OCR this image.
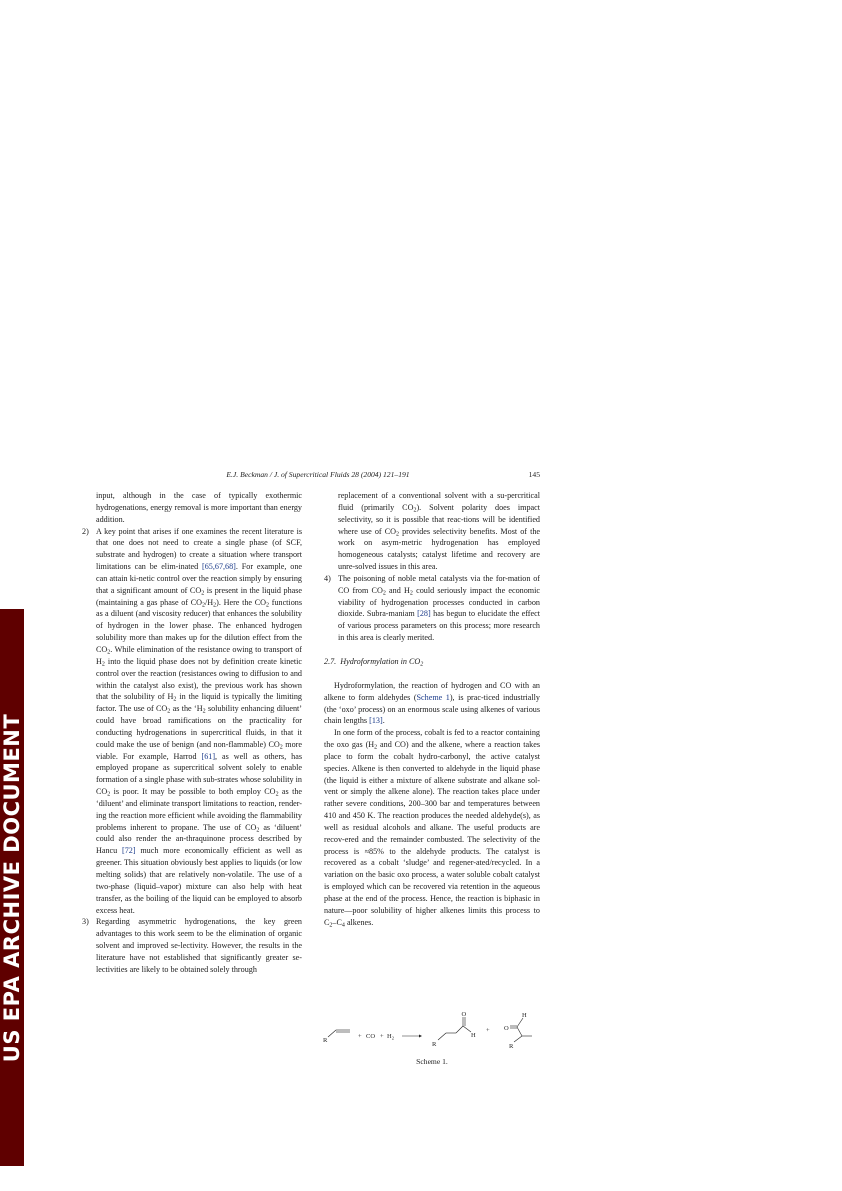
US EPA ARCHIVE DOCUMENT
E.J. Beckman / J. of Supercritical Fluids 28 (2004) 121–191	145

input, although in the case of typically exothermic hydrogenations, energy removal is more important than energy addition.

2) A key point that arises if one examines the recent literature is that one does not need to create a single phase (of SCF, substrate and hydrogen) to create a situation where transport limitations can be elim-inated [65,67,68]. For example, one can attain ki-netic control over the reaction simply by ensuring that a significant amount of $CO_2$ is present in the liquid phase (maintaining a gas phase of $CO_2/H_2$). Here the $CO_2$ functions as a diluent (and viscosity reducer) that enhances the solubility of hydrogen in the lower phase. The enhanced hydrogen solubility more than makes up for the dilution effect from the $CO_2$. While elimination of the resistance owing to transport of $H_2$ into the liquid phase does not by definition create kinetic control over the reaction (resistances owing to diffusion to and within the catalyst also exist), the previous work has shown that the solubility of $H_2$ in the liquid is typically the limiting factor. The use of $CO_2$ as the ‘$H_2$ solubility enhancing diluent’ could have broad ramifications on the practicality for conducting hydrogenations in supercritical fluids, in that it could make the use of benign (and non-flammable) $CO_2$ more viable. For example, Harrod [61], as well as others, has employed propane as supercritical solvent solely to enable formation of a single phase with sub-strates whose solubility in $CO_2$ is poor. It may be possible to both employ $CO_2$ as the ‘diluent’ and eliminate transport limitations to reaction, render-ing the reaction more efficient while avoiding the flammability problems inherent to propane. The use of $CO_2$ as ‘diluent’ could also render the an-thraquinone process described by Hancu [72] much more economically efficient as well as greener. This situation obviously best applies to liquids (or low melting solids) that are relatively non-volatile. The use of a two-phase (liquid–vapor) mixture can also help with heat transfer, as the boiling of the liquid can be employed to absorb excess heat.

3) Regarding asymmetric hydrogenations, the key green advantages to this work seem to be the elimination of organic solvent and improved se-lectivity. However, the results in the literature have not established that significantly greater se-lectivities are likely to be obtained solely through

replacement of a conventional solvent with a su-percritical fluid (primarily $CO_2$). Solvent polarity does impact selectivity, so it is possible that reac-tions will be identified where use of $CO_2$ provides selectivity benefits. Most of the work on asym-metric hydrogenation has employed homogeneous catalysts; catalyst lifetime and recovery are unre-solved issues in this area.

4) The poisoning of noble metal catalysts via the for-mation of CO from $CO_2$ and $H_2$ could seriously impact the economic viability of hydrogenation processes conducted in carbon dioxide. Subra-maniam [28] has begun to elucidate the effect of various process parameters on this process; more research in this area is clearly merited.

2.7. Hydroformylation in $CO_2$

Hydroformylation, the reaction of hydrogen and CO with an alkene to form aldehydes (Scheme 1), is prac-ticed industrially (the ‘oxo’ process) on an enormous scale using alkenes of various chain lengths [13].

In one form of the process, cobalt is fed to a reactor containing the oxo gas ($H_2$ and CO) and the alkene, where a reaction takes place to form the cobalt hydro-carbonyl, the active catalyst species. Alkene is then converted to aldehyde in the liquid phase (the liquid is either a mixture of alkene substrate and alkane sol-vent or simply the alkene alone). The reaction takes place under rather severe conditions, 200–300 bar and temperatures between 410 and 450 K. The reaction produces the needed aldehyde(s), as well as residual alcohols and alkane. The useful products are recov-ered and the remainder combusted. The selectivity of the process is ≈85% to the aldehyde products. The catalyst is recovered as a cobalt ‘sludge’ and regener-ated/recycled. In a variation on the basic oxo process, a water soluble cobalt catalyst is employed which can be recovered via retention in the aqueous phase at the end of the process. Hence, the reaction is biphasic in nature—poor solubility of higher alkenes limits this process to $C_2-C_4$ alkenes.

R
+ CO + $H_2$
R
O
H
+ O
H
R
Scheme 1.
